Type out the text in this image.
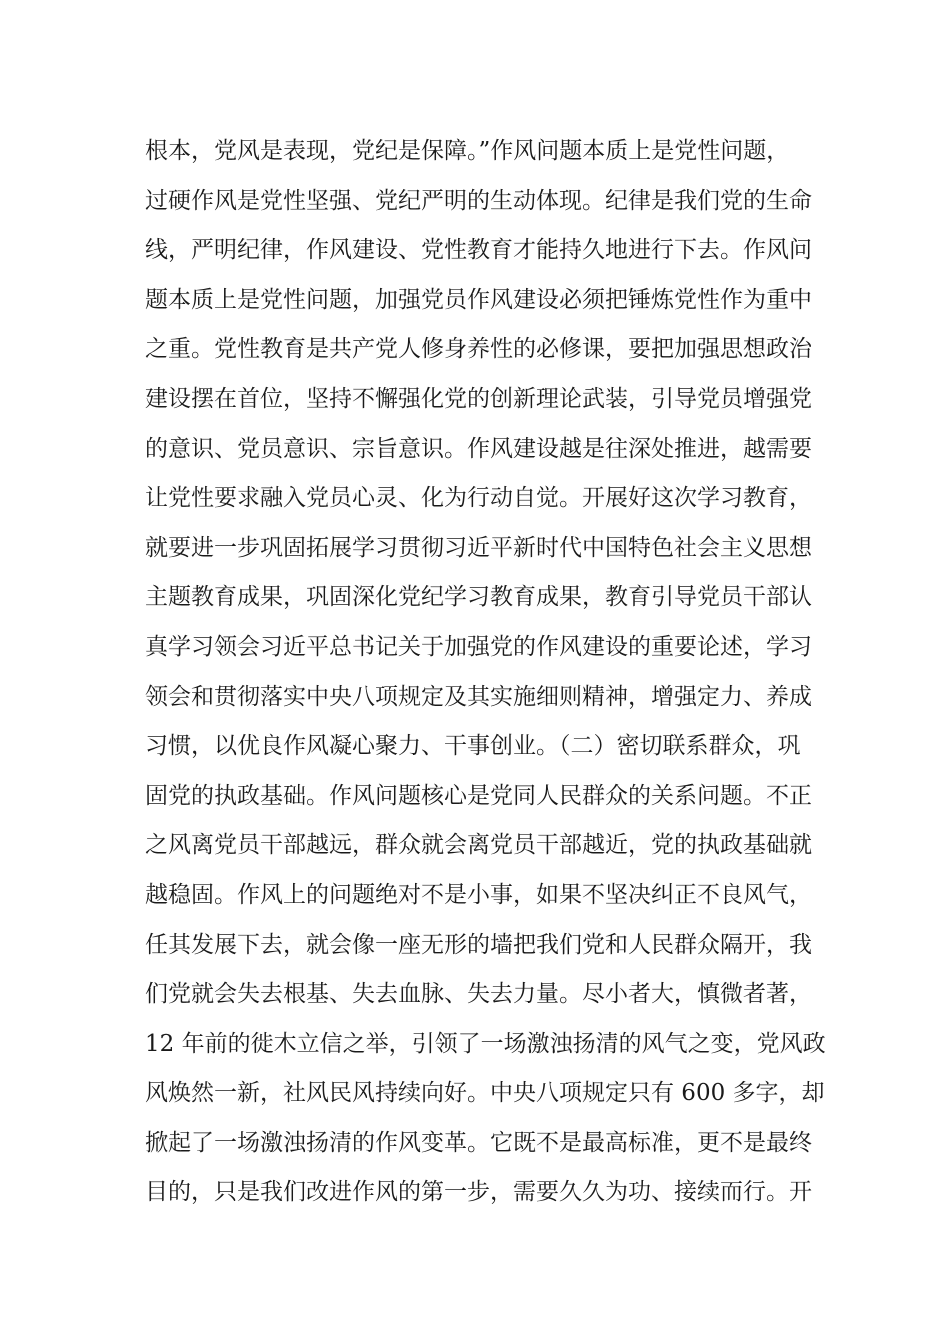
根本，党风是表现，党纪是保障。”作风问题本质上是党性问题，
过硬作风是党性坚强、党纪严明的生动体现。纪律是我们党的生命
线，严明纪律，作风建设、党性教育才能持久地进行下去。作风问
题本质上是党性问题，加强党员作风建设必须把锤炼党性作为重中
之重。党性教育是共产党人修身养性的必修课，要把加强思想政治
建设摆在首位，坚持不懈强化党的创新理论武装，引导党员增强党
的意识、党员意识、宗旨意识。作风建设越是往深处推进，越需要
让党性要求融入党员心灵、化为行动自觉。开展好这次学习教育，
就要进一步巩固拓展学习贯彻习近平新时代中国特色社会主义思想
主题教育成果，巩固深化党纪学习教育成果，教育引导党员干部认
真学习领会习近平总书记关于加强党的作风建设的重要论述，学习
领会和贯彻落实中央八项规定及其实施细则精神，增强定力、养成
习惯，以优良作风凝心聚力、干事创业。（二）密切联系群众，巩
固党的执政基础。作风问题核心是党同人民群众的关系问题。不正
之风离党员干部越远，群众就会离党员干部越近，党的执政基础就
越稳固。作风上的问题绝对不是小事，如果不坚决纠正不良风气，
任其发展下去，就会像一座无形的墙把我们党和人民群众隔开，我
们党就会失去根基、失去血脉、失去力量。尽小者大，慎微者著，
12 年前的徙木立信之举，引领了一场激浊扬清的风气之变，党风政
风焕然一新，社风民风持续向好。中央八项规定只有 600 多字，却
掀起了一场激浊扬清的作风变革。它既不是最高标准，更不是最终
目的，只是我们改进作风的第一步，需要久久为功、接续而行。开
